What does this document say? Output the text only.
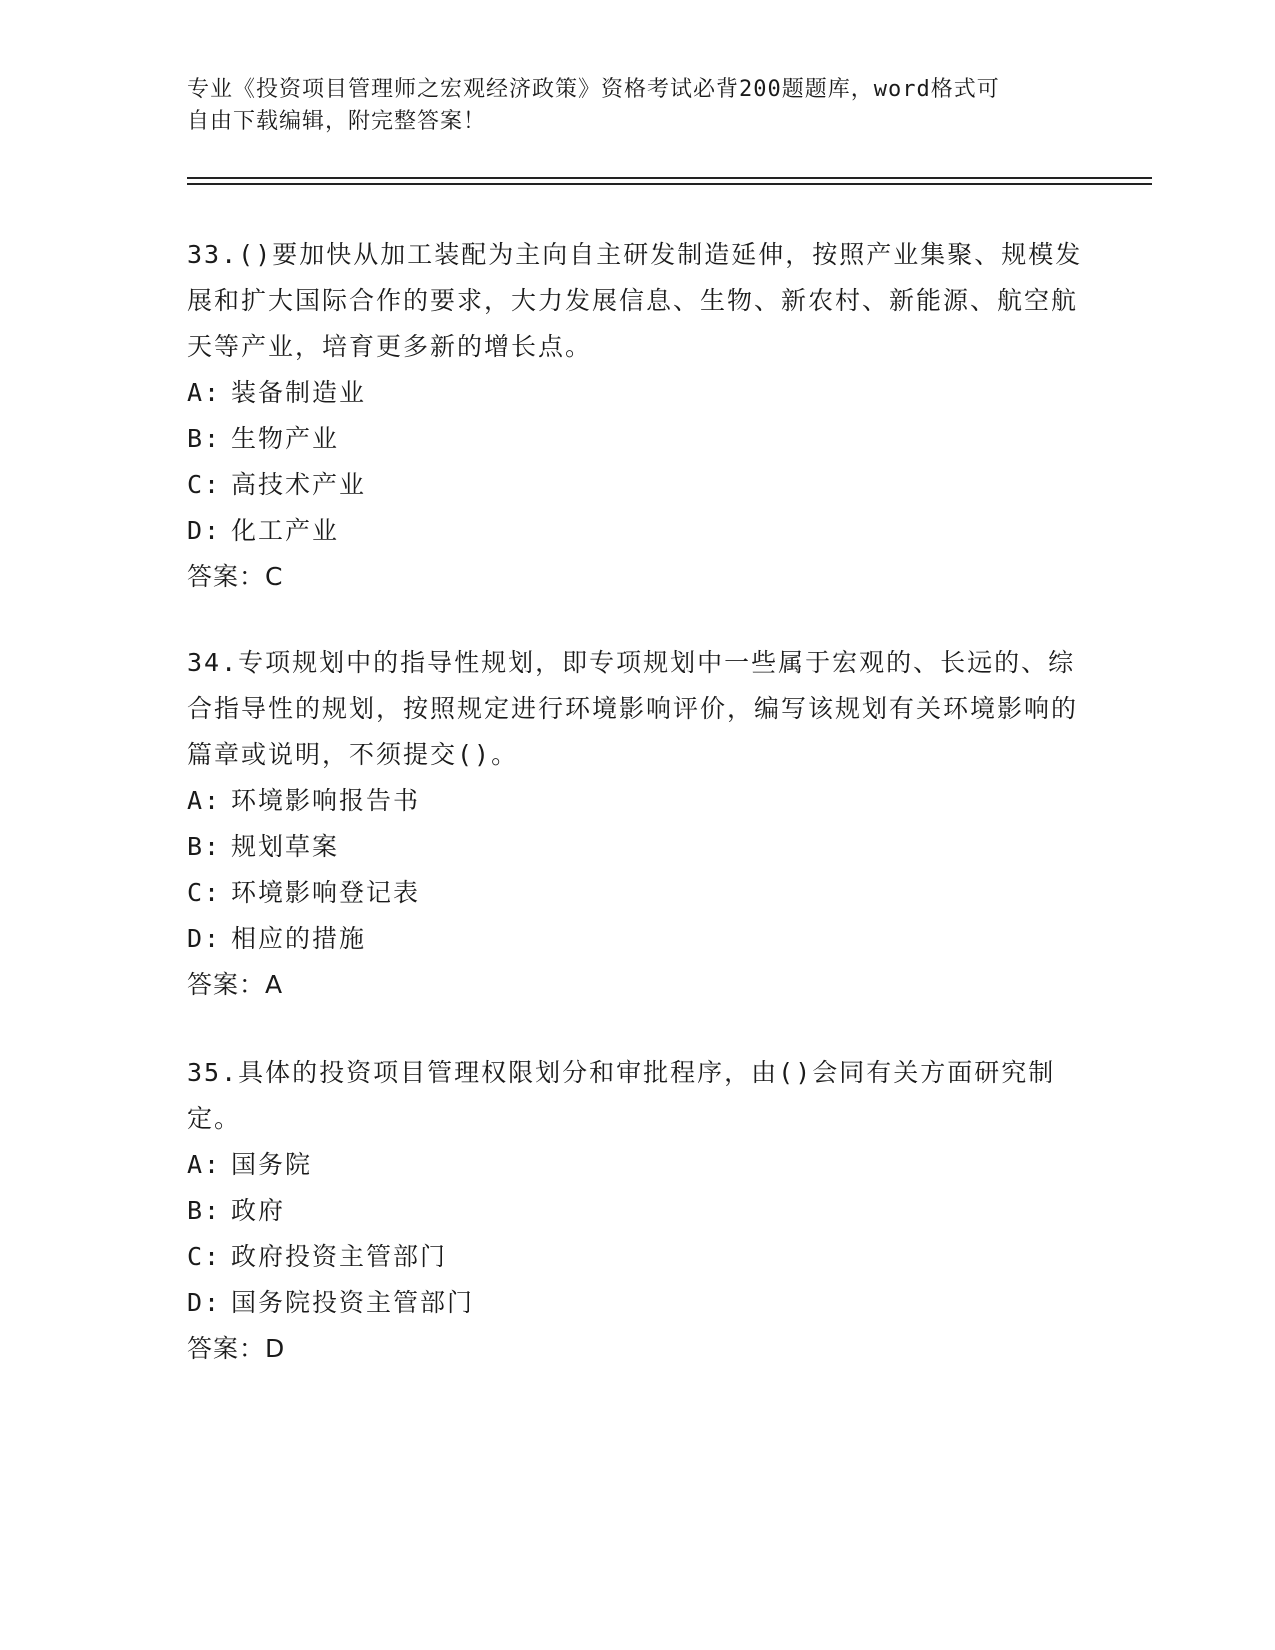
专业《投资项目管理师之宏观经济政策》资格考试必背200题题库，word格式可
自由下载编辑，附完整答案！

33.()要加快从加工装配为主向自主研发制造延伸，按照产业集聚、规模发展和扩大国际合作的要求，大力发展信息、生物、新农村、新能源、航空航天等产业，培育更多新的增长点。

A: 装备制造业

B: 生物产业

C: 高技术产业

D: 化工产业

答案：C

34.专项规划中的指导性规划，即专项规划中一些属于宏观的、长远的、综合指导性的规划，按照规定进行环境影响评价，编写该规划有关环境影响的篇章或说明，不须提交()。

A: 环境影响报告书

B: 规划草案

C: 环境影响登记表

D: 相应的措施

答案：A

35.具体的投资项目管理权限划分和审批程序，由()会同有关方面研究制定。

A: 国务院

B: 政府

C: 政府投资主管部门

D: 国务院投资主管部门

答案：D
